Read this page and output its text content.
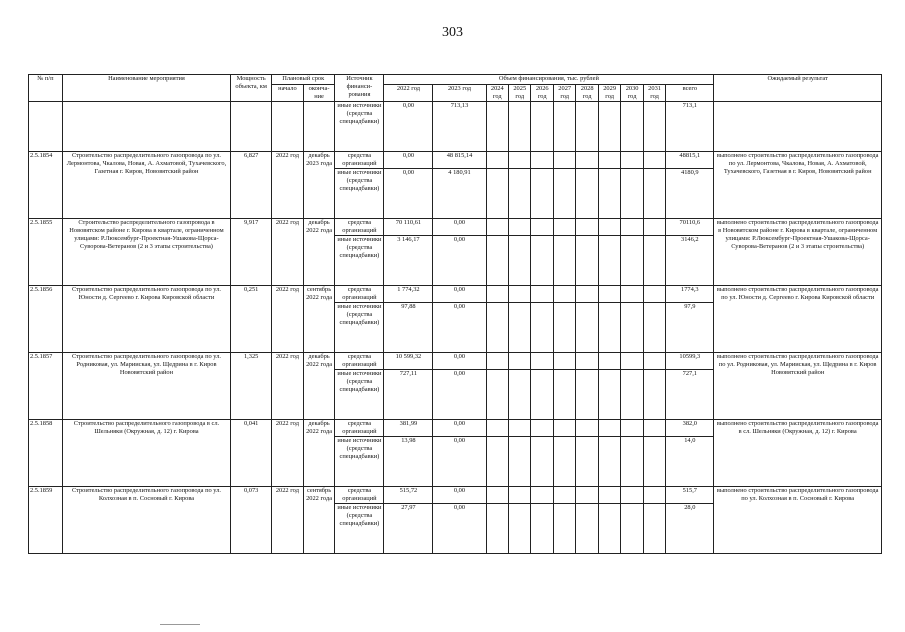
303
№ п/п	Наименование мероприятия	Мощность объекта, км	Плановый срок		Источник финанси-рования	Объем финансирования, тыс. рублей											Ожидаемый результат
			начало	оконча-ние		2022 год	2023 год	2024 год	2025 год	2026 год	2027 год	2028 год	2029 год	2030 год	2031 год	всего	

					иные источники (средства спецнадбавки)	0,00	713,13									713,1	
2.5.1854	Строительство распределительного газопровода по ул. Лермонтова, Чкалова, Новая, А. Ахматовой, Тухачевского, Газетная г. Киров, Нововятский район	6,827	2022 год	декабрь 2023 года	средства организаций	0,00	48 815,14									48815,1	выполнено строительство распределительного газопровода по ул. Лермонтова, Чкалова, Новая, А. Ахматовой, Тухачевского, Газетная в г. Киров, Нововятский район
					иные источники (средства спецнадбавки)	0,00	4 180,91									4180,9	
2.5.1855	Строительство распределительного газопровода в Нововятском районе г. Кирова в квартале, ограниченном улицами: Р.Люксембург-Проектная-Ушакова-Щорса-Суворова-Ветеранов (2 и 3 этапы строительства)	9,917	2022 год	декабрь 2022 года	средства организаций	70 110,61	0,00									70110,6	выполнено строительство распределительного газопровода в Нововятском районе г. Кирова в квартале, ограниченном улицами: Р.Люксембург-Проектная-Ушакова-Щорса-Суворова-Ветеранов (2 и 3 этапы строительства)
					иные источники (средства спецнадбавки)	3 146,17	0,00									3146,2	
2.5.1856	Строительство распределительного газопровода по ул. Юности д. Сергеево г. Кирова Кировской области	0,251	2022 год	сентябрь 2022 года	средства организаций	1 774,32	0,00									1774,3	выполнено строительство распределительного газопровода по ул. Юности д. Сергеево г. Кирова Кировской области
					иные источники (средства спецнадбавки)	97,88	0,00									97,9	
2.5.1857	Строительство распределительного газопровода по ул. Родниковая, ул. Марииская, ул. Щедрина в г. Киров Нововятский район	1,325	2022 год	декабрь 2022 года	средства организаций	10 599,32	0,00									10599,3	выполнено строительство распределительного газопровода по ул. Родниковая, ул. Марииская, ул. Щедрина в г. Киров Нововятский район
					иные источники (средства спецнадбавки)	727,11	0,00									727,1	
2.5.1858	Строительство распределительного газопровода в сл. Шельняки (Окружная, д. 12) г. Кирова	0,041	2022 год	декабрь 2022 года	средства организаций	381,99	0,00									382,0	выполнено строительство распределительного газопровода в сл. Шельняки (Окружная, д. 12) г. Кирова
					иные источники (средства спецнадбавки)	13,98	0,00									14,0	
2.5.1859	Строительство распределительного газопровода по ул. Колхозная в п. Сосновый г. Кирова	0,073	2022 год	сентябрь 2022 года	средства организаций	515,72	0,00									515,7	выполнено строительство распределительного газопровода по ул. Колхозная в п. Сосновый г. Кирова
					иные источники (средства спецнадбавки)	27,97	0,00									28,0	
